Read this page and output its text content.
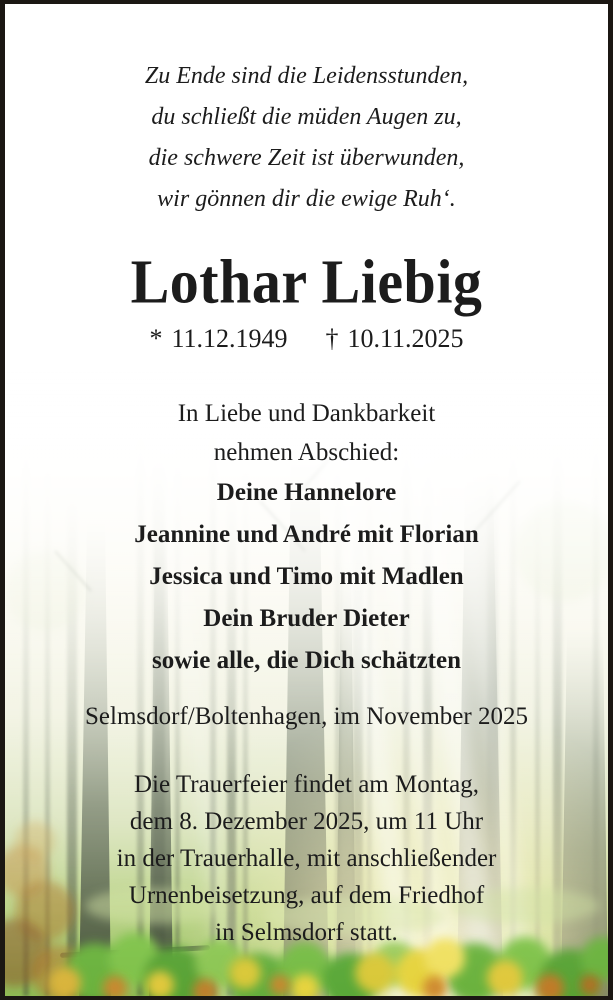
Zu Ende sind die Leidensstunden,
du schließt die müden Augen zu,
die schwere Zeit ist überwunden,
wir gönnen dir die ewige Ruh‘.
Lothar Liebig
* 11.12.1949 † 10.11.2025
In Liebe und Dankbarkeit
nehmen Abschied:
Deine Hannelore
Jeannine und André mit Florian
Jessica und Timo mit Madlen
Dein Bruder Dieter
sowie alle, die Dich schätzten
Selmsdorf/Boltenhagen, im November 2025
Die Trauerfeier findet am Montag,
dem 8. Dezember 2025, um 11 Uhr
in der Trauerhalle, mit anschließender
Urnenbeisetzung, auf dem Friedhof
in Selmsdorf statt.
